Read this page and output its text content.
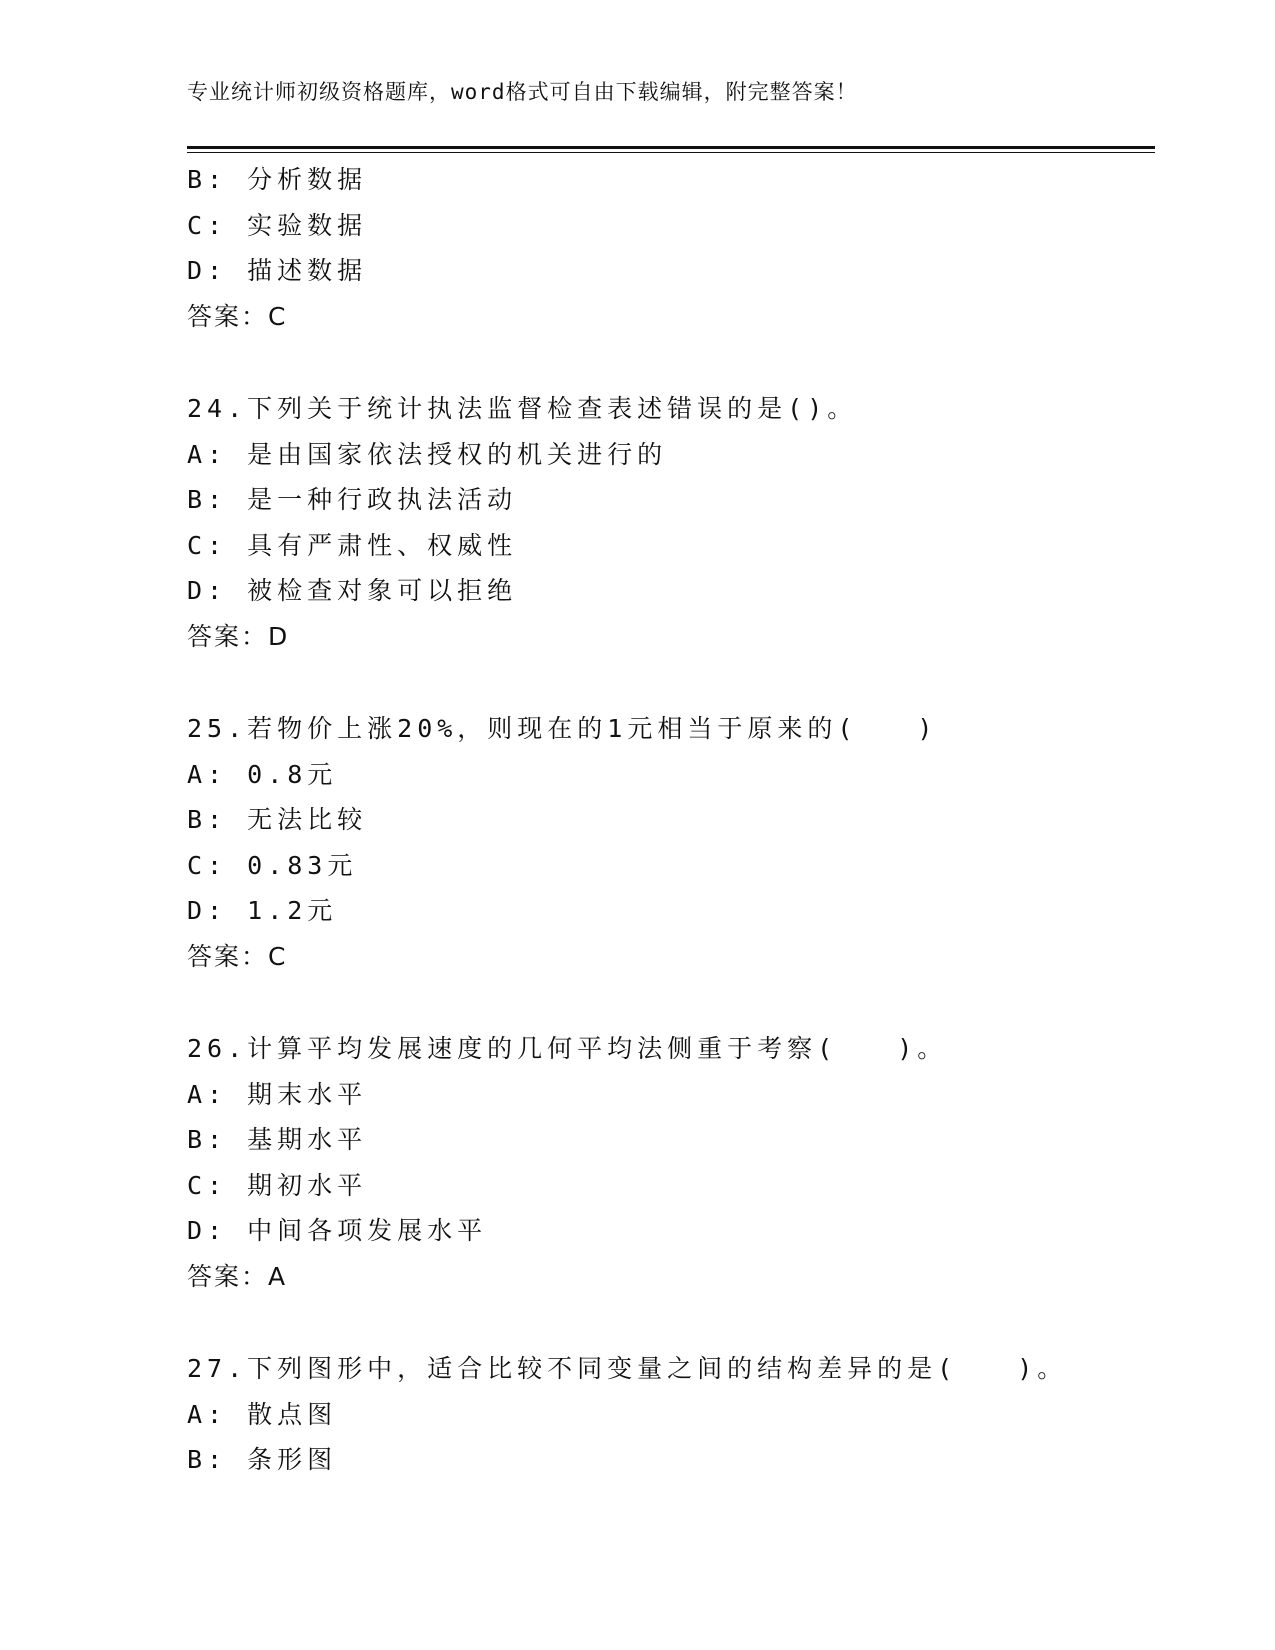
专业统计师初级资格题库，word格式可自由下载编辑，附完整答案！
B: 分析数据
C: 实验数据
D: 描述数据
答案：C
24.下列关于统计执法监督检查表述错误的是()。
A: 是由国家依法授权的机关进行的
B: 是一种行政执法活动
C: 具有严肃性、权威性
D: 被检查对象可以拒绝
答案：D
25.若物价上涨20%，则现在的1元相当于原来的(　　)
A: 0.8元
B: 无法比较
C: 0.83元
D: 1.2元
答案：C
26.计算平均发展速度的几何平均法侧重于考察(　　)。
A: 期末水平
B: 基期水平
C: 期初水平
D: 中间各项发展水平
答案：A
27.下列图形中，适合比较不同变量之间的结构差异的是(　　)。
A: 散点图
B: 条形图
